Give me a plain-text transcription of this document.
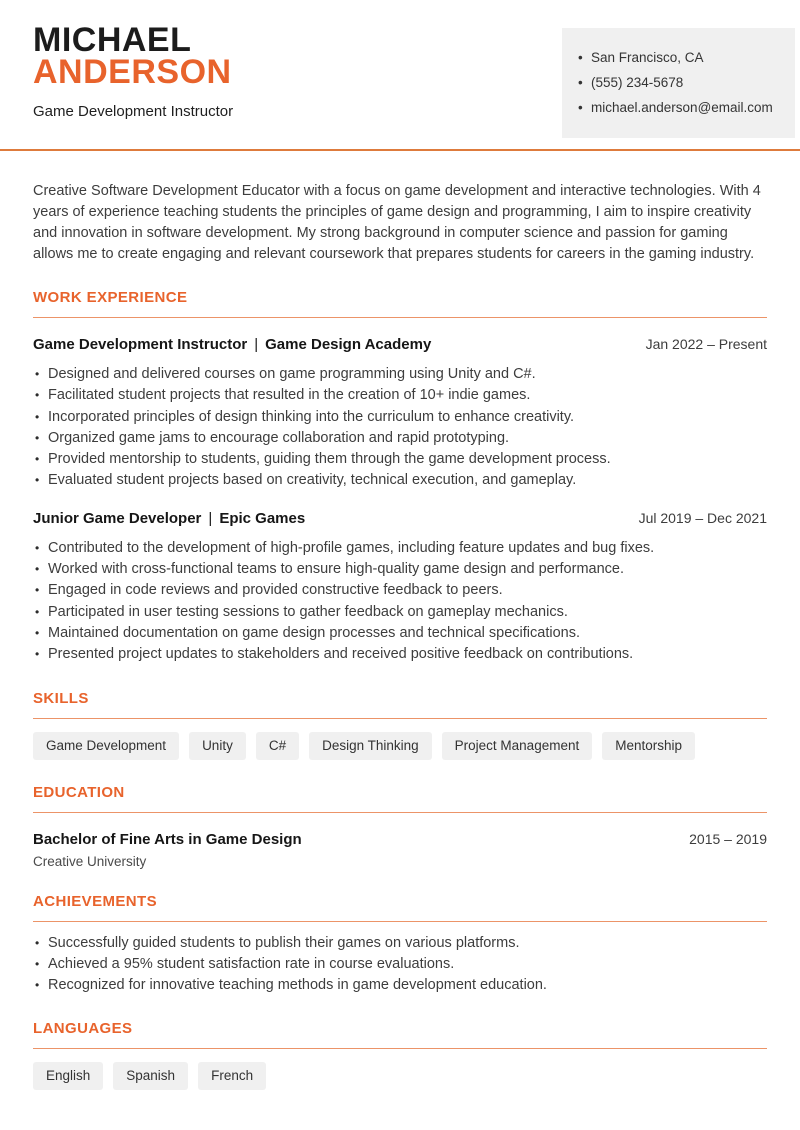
MICHAEL
ANDERSON
Game Development Instructor
• San Francisco, CA
• (555) 234-5678
• michael.anderson@email.com

Creative Software Development Educator with a focus on game development and interactive technologies. With 4 years of experience teaching students the principles of game design and programming, I aim to inspire creativity and innovation in software development. My strong background in computer science and passion for gaming allows me to create engaging and relevant coursework that prepares students for careers in the gaming industry.

WORK EXPERIENCE
Game Development Instructor | Game Design Academy	Jan 2022 – Present
• Designed and delivered courses on game programming using Unity and C#.
• Facilitated student projects that resulted in the creation of 10+ indie games.
• Incorporated principles of design thinking into the curriculum to enhance creativity.
• Organized game jams to encourage collaboration and rapid prototyping.
• Provided mentorship to students, guiding them through the game development process.
• Evaluated student projects based on creativity, technical execution, and gameplay.
Junior Game Developer | Epic Games	Jul 2019 – Dec 2021
• Contributed to the development of high-profile games, including feature updates and bug fixes.
• Worked with cross-functional teams to ensure high-quality game design and performance.
• Engaged in code reviews and provided constructive feedback to peers.
• Participated in user testing sessions to gather feedback on gameplay mechanics.
• Maintained documentation on game design processes and technical specifications.
• Presented project updates to stakeholders and received positive feedback on contributions.
SKILLS
Game Development	Unity	C#	Design Thinking	Project Management	Mentorship
EDUCATION
Bachelor of Fine Arts in Game Design	2015 – 2019
Creative University
ACHIEVEMENTS
• Successfully guided students to publish their games on various platforms.
• Achieved a 95% student satisfaction rate in course evaluations.
• Recognized for innovative teaching methods in game development education.
LANGUAGES
English	Spanish	French
